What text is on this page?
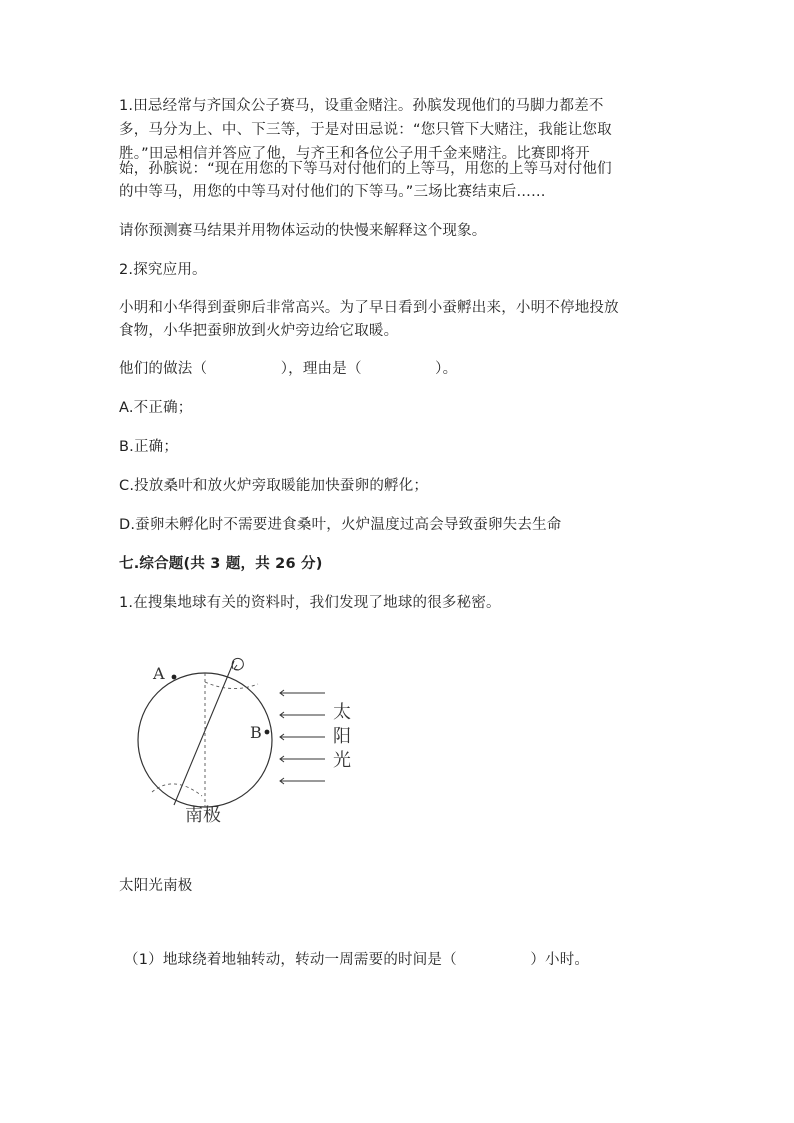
1.田忌经常与齐国众公子赛马，设重金赌注。孙膑发现他们的马脚力都差不
多，马分为上、中、下三等，于是对田忌说：“您只管下大赌注，我能让您取
胜。”田忌相信并答应了他，与齐王和各位公子用千金来赌注。比赛即将开
始，孙膑说：“现在用您的下等马对付他们的上等马，用您的上等马对付他们
的中等马，用您的中等马对付他们的下等马。”三场比赛结束后……
请你预测赛马结果并用物体运动的快慢来解释这个现象。
2.探究应用。
小明和小华得到蚕卵后非常高兴。为了早日看到小蚕孵出来，小明不停地投放
食物，小华把蚕卵放到火炉旁边给它取暖。
他们的做法（　　　　　），理由是（　　　　　）。
A.不正确；
B.正确；
C.投放桑叶和放火炉旁取暖能加快蚕卵的孵化；
D.蚕卵未孵化时不需要进食桑叶，火炉温度过高会导致蚕卵失去生命
七.综合题(共 3 题，共 26 分)
1.在搜集地球有关的资料时，我们发现了地球的很多秘密。
A
B
太
阳
光
南极
太阳光南极
（1）地球绕着地轴转动，转动一周需要的时间是（　　　　　）小时。
